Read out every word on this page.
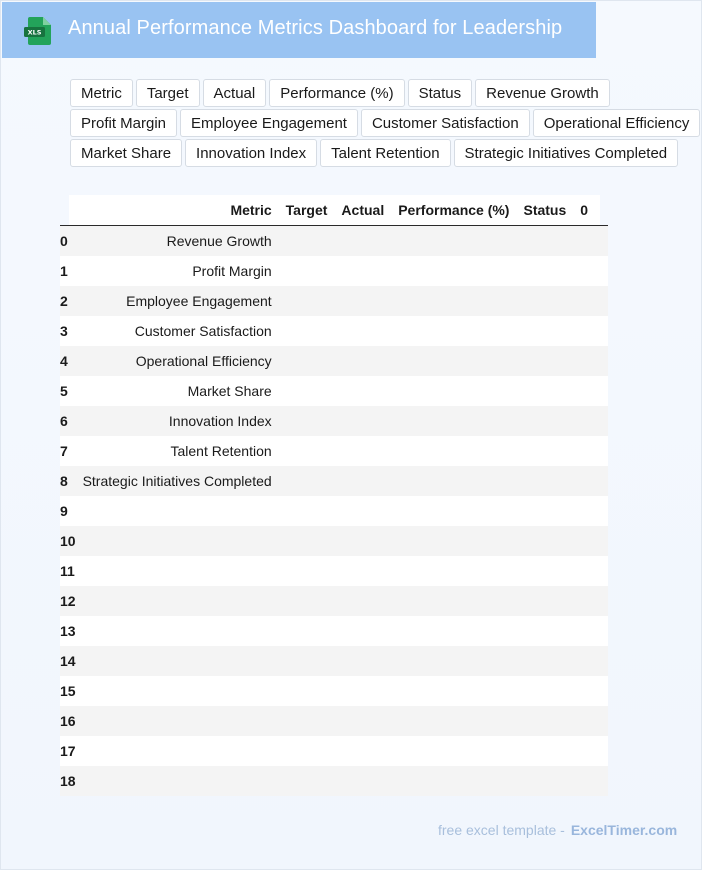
XLS Annual Performance Metrics Dashboard for Leadership
Metric	Target	Actual	Performance (%)	Status	Revenue Growth
Profit Margin	Employee Engagement	Customer Satisfaction	Operational Efficiency
Market Share	Innovation Index	Talent Retention	Strategic Initiatives Completed
	Metric	Target	Actual	Performance (%)	Status	0
0	Revenue Growth					
1	Profit Margin					
2	Employee Engagement					
3	Customer Satisfaction					
4	Operational Efficiency					
5	Market Share					
6	Innovation Index					
7	Talent Retention					
8	Strategic Initiatives Completed					
9						
10						
11						
12						
13						
14						
15						
16						
17						
18						
free excel template - ExcelTimer.com
